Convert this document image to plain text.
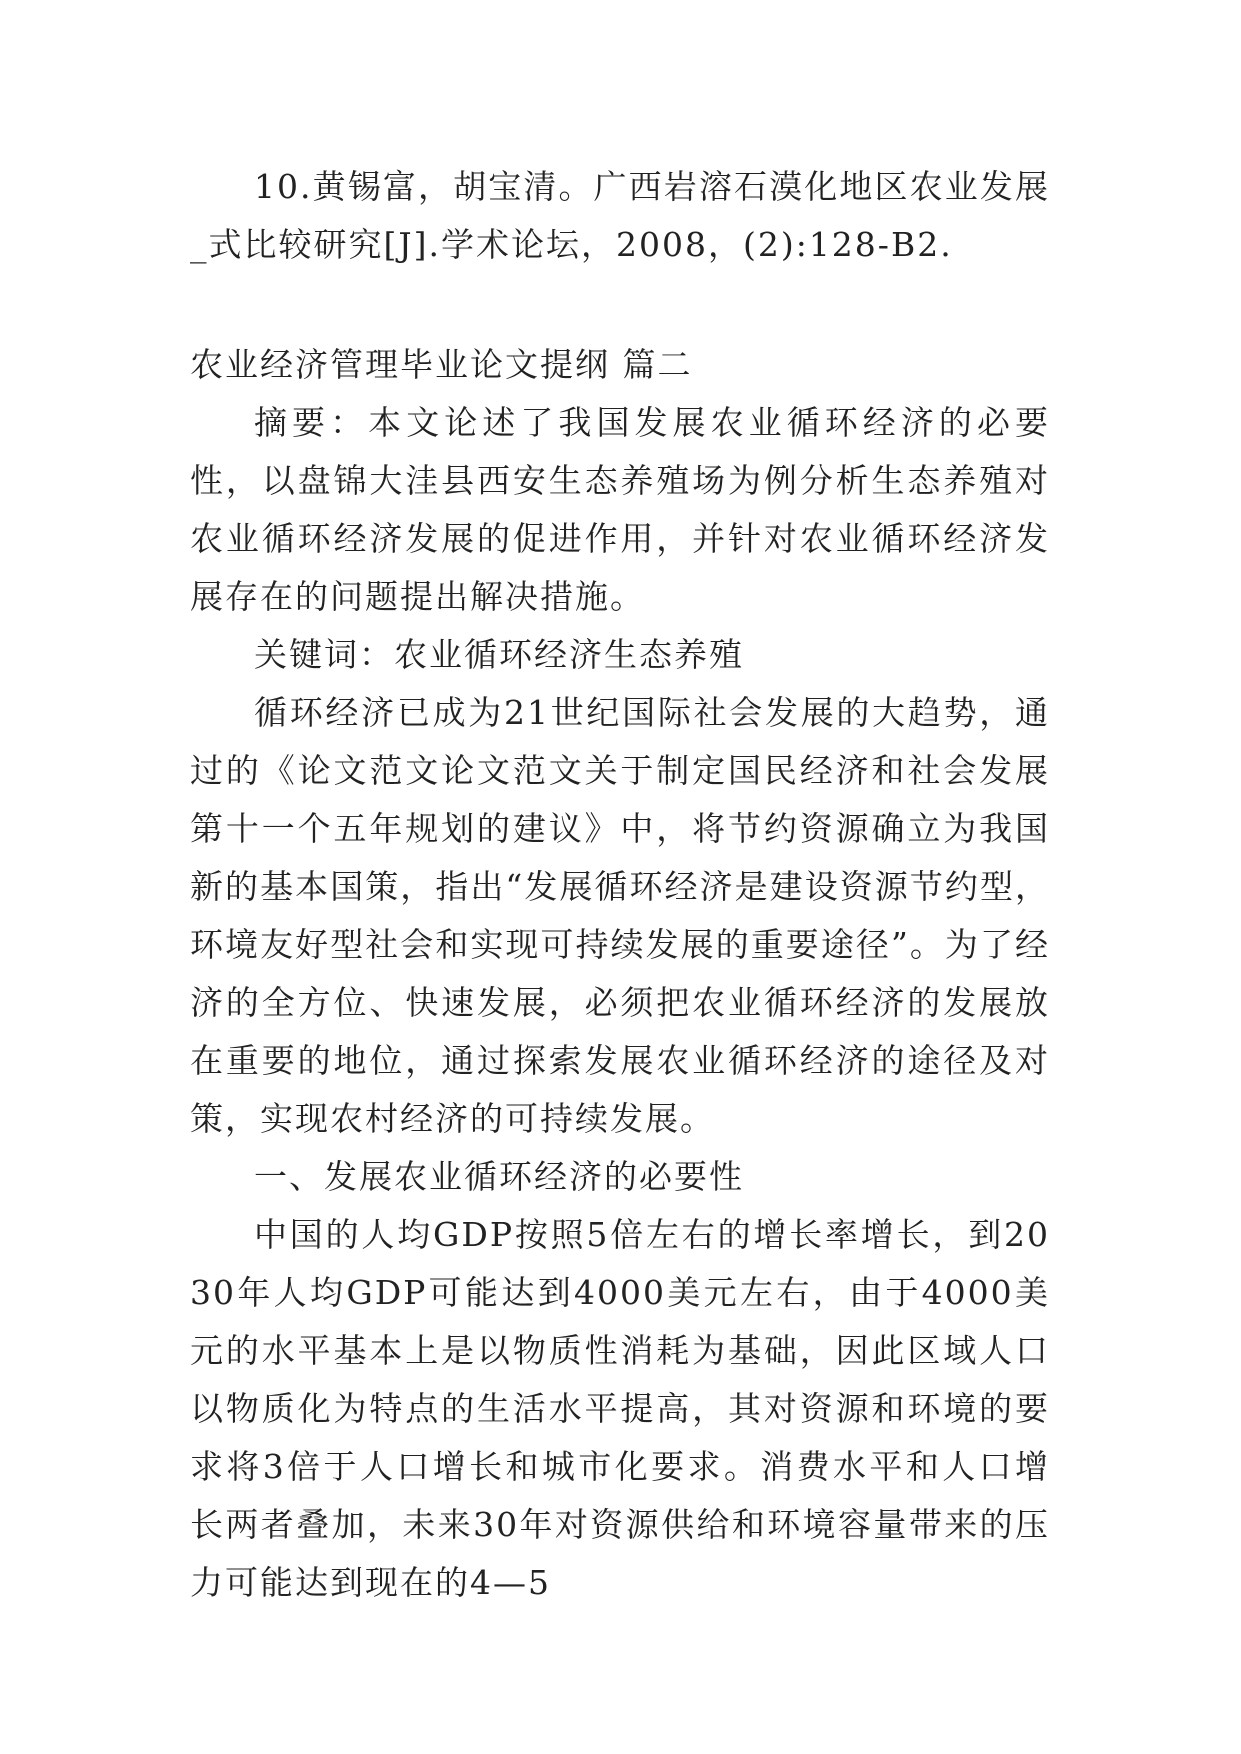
10.黄锡富，胡宝清。广西岩溶石漠化地区农业发展_式比较研究[J].学术论坛，2008，(2):128-B2.

农业经济管理毕业论文提纲 篇二

摘要：本文论述了我国发展农业循环经济的必要性，以盘锦大洼县西安生态养殖场为例分析生态养殖对农业循环经济发展的促进作用，并针对农业循环经济发展存在的问题提出解决措施。

关键词：农业循环经济生态养殖

循环经济已成为21世纪国际社会发展的大趋势，通过的《论文范文论文范文关于制定国民经济和社会发展第十一个五年规划的建议》中，将节约资源确立为我国新的基本国策，指出“发展循环经济是建设资源节约型，环境友好型社会和实现可持续发展的重要途径”。为了经济的全方位、快速发展，必须把农业循环经济的发展放在重要的地位，通过探索发展农业循环经济的途径及对策，实现农村经济的可持续发展。

一、发展农业循环经济的必要性

中国的人均GDP按照5倍左右的增长率增长，到2030年人均GDP可能达到4000美元左右，由于4000美元的水平基本上是以物质性消耗为基础，因此区域人口以物质化为特点的生活水平提高，其对资源和环境的要求将3倍于人口增长和城市化要求。消费水平和人口增长两者叠加，未来30年对资源供给和环境容量带来的压力可能达到现在的4—5
